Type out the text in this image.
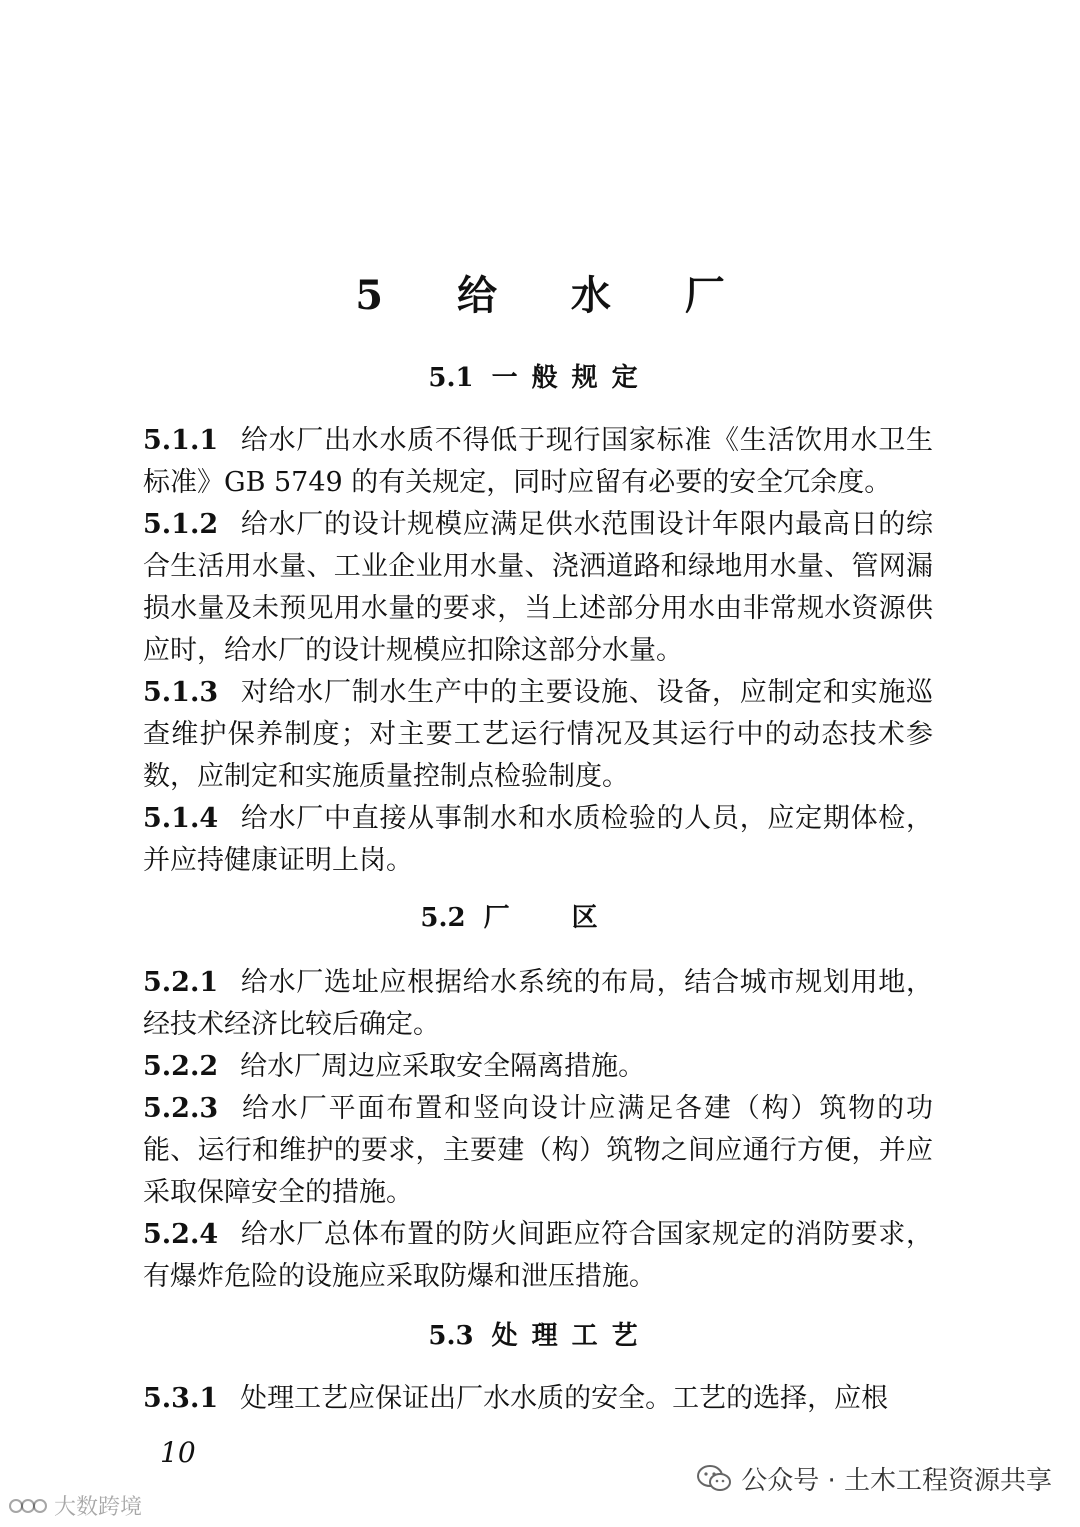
5 给 水 厂
5.1 一般规定

5.1.1 给水厂出水水质不得低于现行国家标准《生活饮用水卫生标准》GB 5749 的有关规定，同时应留有必要的安全冗余度。

5.1.2 给水厂的设计规模应满足供水范围设计年限内最高日的综合生活用水量、工业企业用水量、浇洒道路和绿地用水量、管网漏损水量及未预见用水量的要求，当上述部分用水由非常规水资源供应时，给水厂的设计规模应扣除这部分水量。

5.1.3 对给水厂制水生产中的主要设施、设备，应制定和实施巡查维护保养制度；对主要工艺运行情况及其运行中的动态技术参数，应制定和实施质量控制点检验制度。

5.1.4 给水厂中直接从事制水和水质检验的人员，应定期体检，并应持健康证明上岗。

5.2 厂区

5.2.1 给水厂选址应根据给水系统的布局，结合城市规划用地，经技术经济比较后确定。

5.2.2 给水厂周边应采取安全隔离措施。

5.2.3 给水厂平面布置和竖向设计应满足各建（构）筑物的功能、运行和维护的要求，主要建（构）筑物之间应通行方便，并应采取保障安全的措施。

5.2.4 给水厂总体布置的防火间距应符合国家规定的消防要求，有爆炸危险的设施应采取防爆和泄压措施。

5.3 处理工艺

5.3.1 处理工艺应保证出厂水水质的安全。工艺的选择，应根

10
公众号 · 土木工程资源共享
大数跨境
